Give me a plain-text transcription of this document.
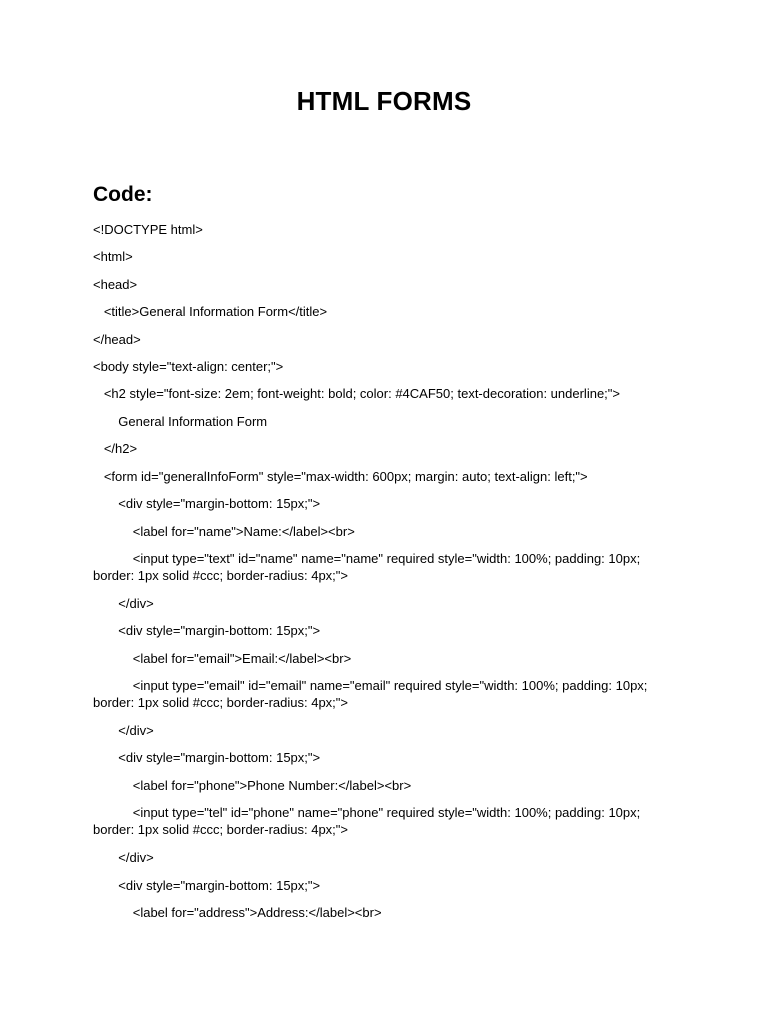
HTML FORMS
Code:
<!DOCTYPE html>
<html>
<head>
<title>General Information Form</title>
</head>
<body style="text-align: center;">
<h2 style="font-size: 2em; font-weight: bold; color: #4CAF50; text-decoration: underline;">
General Information Form
</h2>
<form id="generalInfoForm" style="max-width: 600px; margin: auto; text-align: left;">
<div style="margin-bottom: 15px;">
<label for="name">Name:</label><br>
<input type="text" id="name" name="name" required style="width: 100%; padding: 10px; border: 1px solid #ccc; border-radius: 4px;">
</div>
<div style="margin-bottom: 15px;">
<label for="email">Email:</label><br>
<input type="email" id="email" name="email" required style="width: 100%; padding: 10px; border: 1px solid #ccc; border-radius: 4px;">
</div>
<div style="margin-bottom: 15px;">
<label for="phone">Phone Number:</label><br>
<input type="tel" id="phone" name="phone" required style="width: 100%; padding: 10px; border: 1px solid #ccc; border-radius: 4px;">
</div>
<div style="margin-bottom: 15px;">
<label for="address">Address:</label><br>
